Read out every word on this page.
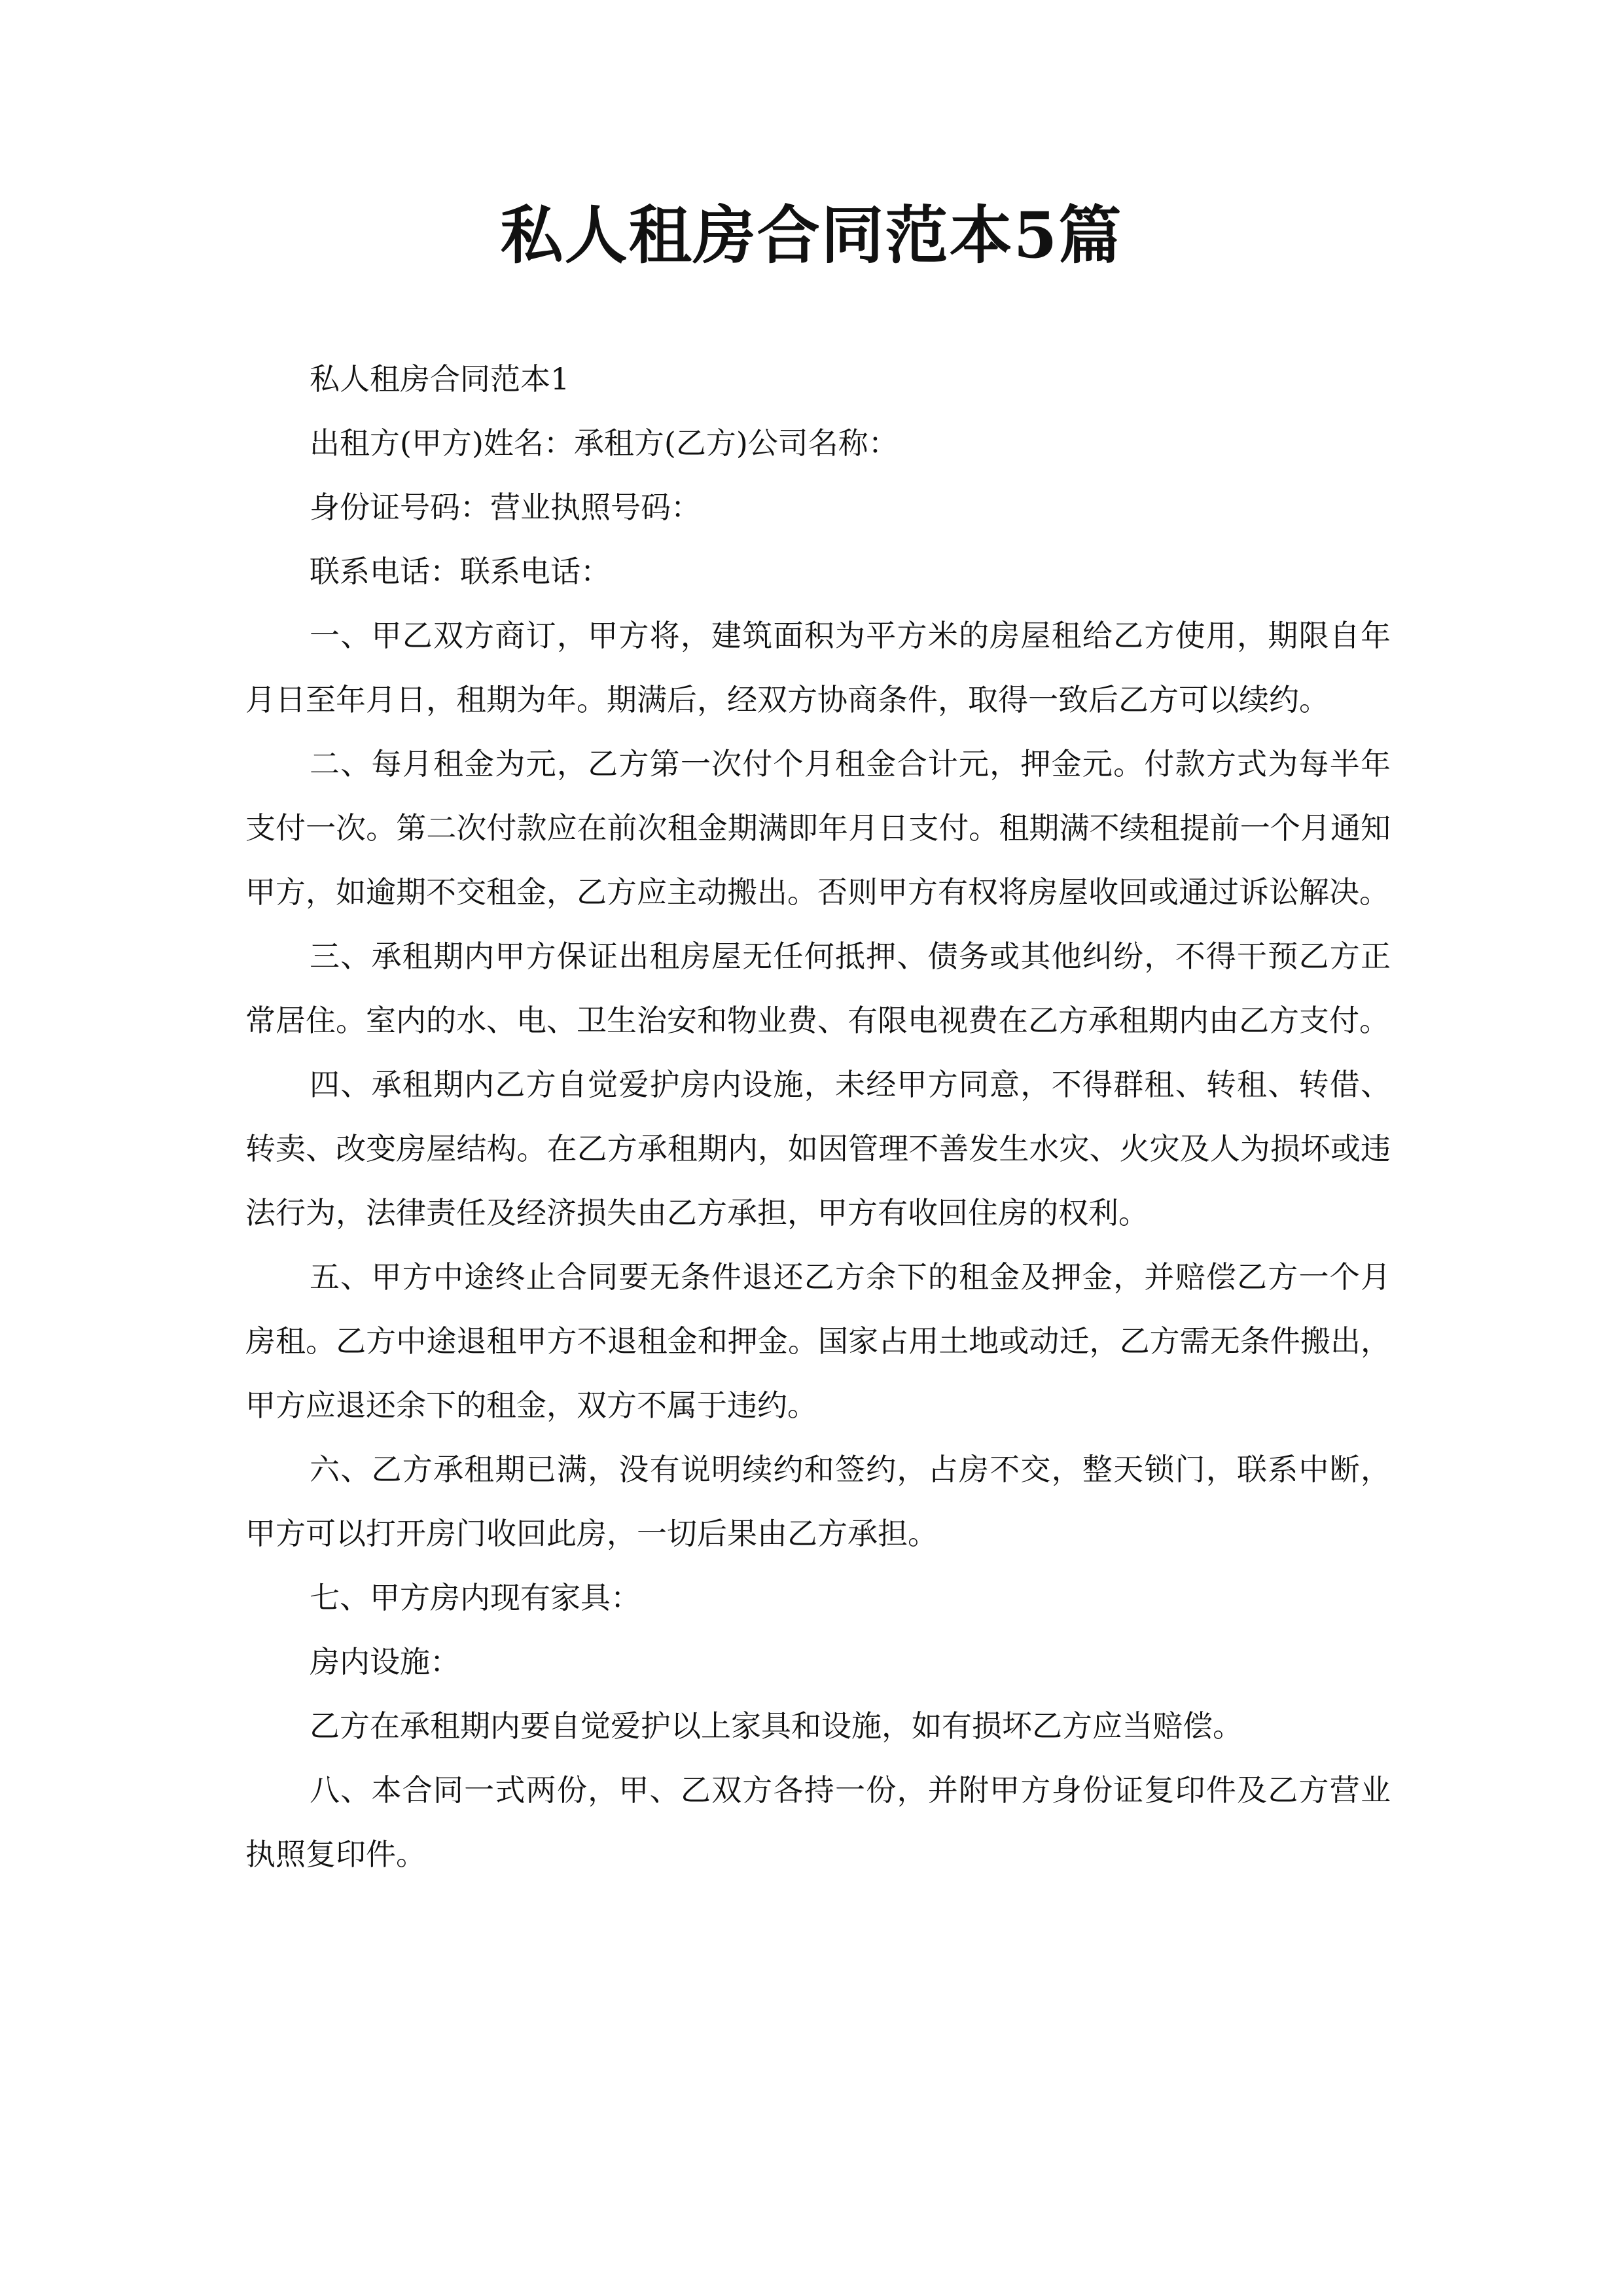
私人租房合同范本5篇

私人租房合同范本1

出租方(甲方)姓名：承租方(乙方)公司名称：

身份证号码：营业执照号码：

联系电话：联系电话：

一、甲乙双方商订，甲方将，建筑面积为平方米的房屋租给乙方使用，期限自年月日至年月日，租期为年。期满后，经双方协商条件，取得一致后乙方可以续约。

二、每月租金为元，乙方第一次付个月租金合计元，押金元。付款方式为每半年支付一次。第二次付款应在前次租金期满即年月日支付。租期满不续租提前一个月通知甲方，如逾期不交租金，乙方应主动搬出。否则甲方有权将房屋收回或通过诉讼解决。

三、承租期内甲方保证出租房屋无任何抵押、债务或其他纠纷，不得干预乙方正常居住。室内的水、电、卫生治安和物业费、有限电视费在乙方承租期内由乙方支付。

四、承租期内乙方自觉爱护房内设施，未经甲方同意，不得群租、转租、转借、转卖、改变房屋结构。在乙方承租期内，如因管理不善发生水灾、火灾及人为损坏或违法行为，法律责任及经济损失由乙方承担，甲方有收回住房的权利。

五、甲方中途终止合同要无条件退还乙方余下的租金及押金，并赔偿乙方一个月房租。乙方中途退租甲方不退租金和押金。国家占用土地或动迁，乙方需无条件搬出，甲方应退还余下的租金，双方不属于违约。

六、乙方承租期已满，没有说明续约和签约，占房不交，整天锁门，联系中断，甲方可以打开房门收回此房，一切后果由乙方承担。

七、甲方房内现有家具：

房内设施：

乙方在承租期内要自觉爱护以上家具和设施，如有损坏乙方应当赔偿。

八、本合同一式两份，甲、乙双方各持一份，并附甲方身份证复印件及乙方营业执照复印件。
